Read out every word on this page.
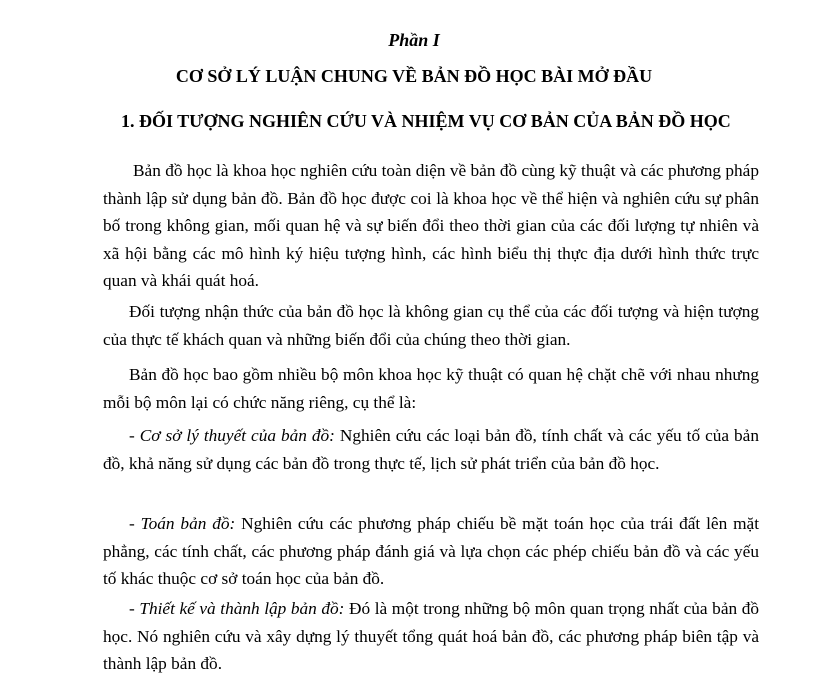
Phần I
CƠ SỞ LÝ LUẬN CHUNG VỀ BẢN ĐỒ HỌC BÀI MỞ ĐẦU
1. ĐỐI TƯỢNG NGHIÊN CỨU VÀ NHIỆM VỤ CƠ BẢN CỦA BẢN ĐỒ HỌC

Bản đồ học là khoa học nghiên cứu toàn diện về bản đồ cùng kỹ thuật và các phương pháp thành lập sử dụng bản đồ. Bản đồ học được coi là khoa học về thể hiện và nghiên cứu sự phân bố trong không gian, mối quan hệ và sự biến đổi theo thời gian của các đối lượng tự nhiên và xã hội bằng các mô hình ký hiệu tượng hình, các hình biểu thị thực địa dưới hình thức trực quan và khái quát hoá.

Đối tượng nhận thức của bản đồ học là không gian cụ thể của các đối tượng và hiện tượng của thực tế khách quan và những biến đổi của chúng theo thời gian.

Bản đồ học bao gồm nhiều bộ môn khoa học kỹ thuật có quan hệ chặt chẽ với nhau nhưng mỗi bộ môn lại có chức năng riêng, cụ thể là:

- Cơ sở lý thuyết của bản đồ: Nghiên cứu các loại bản đồ, tính chất và các yếu tố của bản đồ, khả năng sử dụng các bản đồ trong thực tế, lịch sử phát triển của bản đồ học.

- Toán bản đồ: Nghiên cứu các phương pháp chiếu bề mặt toán học của trái đất lên mặt phẳng, các tính chất, các phương pháp đánh giá và lựa chọn các phép chiếu bản đồ và các yếu tố khác thuộc cơ sở toán học của bản đồ.

- Thiết kế và thành lập bản đồ: Đó là một trong những bộ môn quan trọng nhất của bản đồ học. Nó nghiên cứu và xây dựng lý thuyết tổng quát hoá bản đồ, các phương pháp biên tập và thành lập bản đồ.
